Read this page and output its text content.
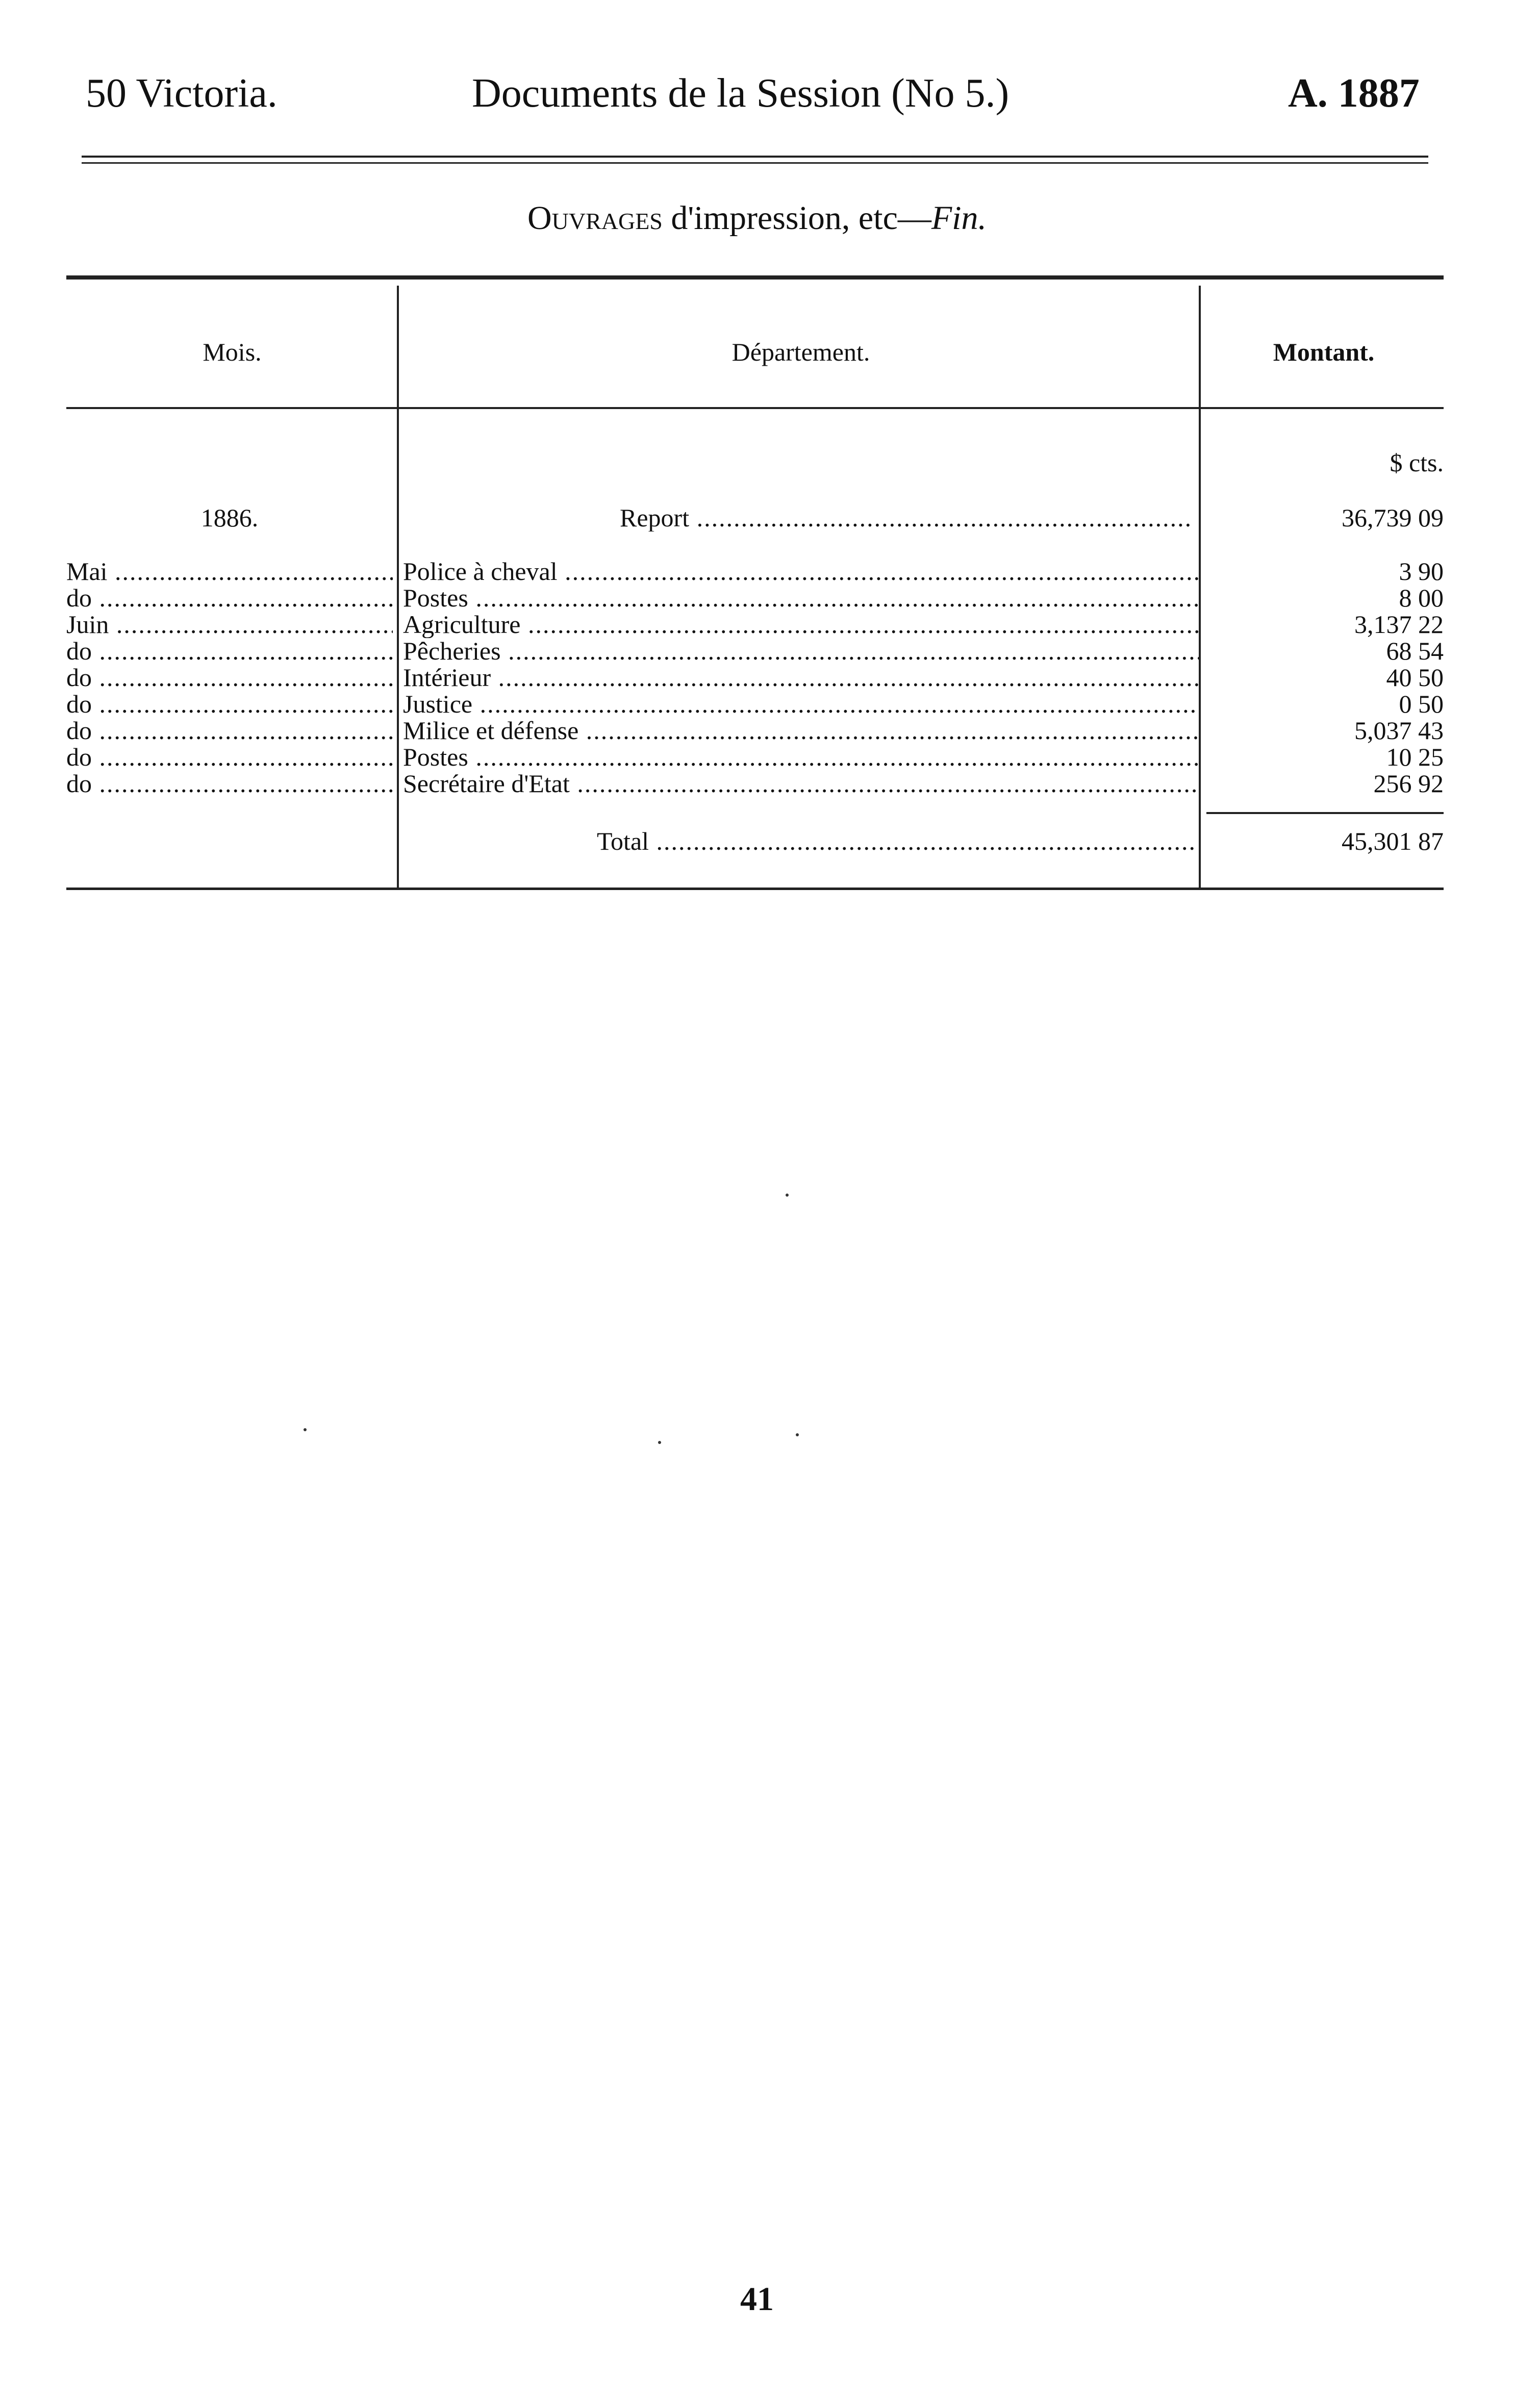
50 Victoria.	Documents de la Session (No 5.)	A. 1887
Ouvrages d'impression, etc—Fin.
Mois.	Département.	Montant.
$ cts.
1886.	Report .....	36,739 09
Mai .....	Police à cheval .....	3 90
do .....	Postes .....	8 00
Juin .....	Agriculture .....	3,137 22
do .....	Pêcheries .....	68 54
do .....	Intérieur .....	40 50
do .....	Justice .....	0 50
do .....	Milice et défense .....	5,037 43
do .....	Postes .....	10 25
do .....	Secrétaire d'Etat .....	256 92
Total .....	45,301 87
41
